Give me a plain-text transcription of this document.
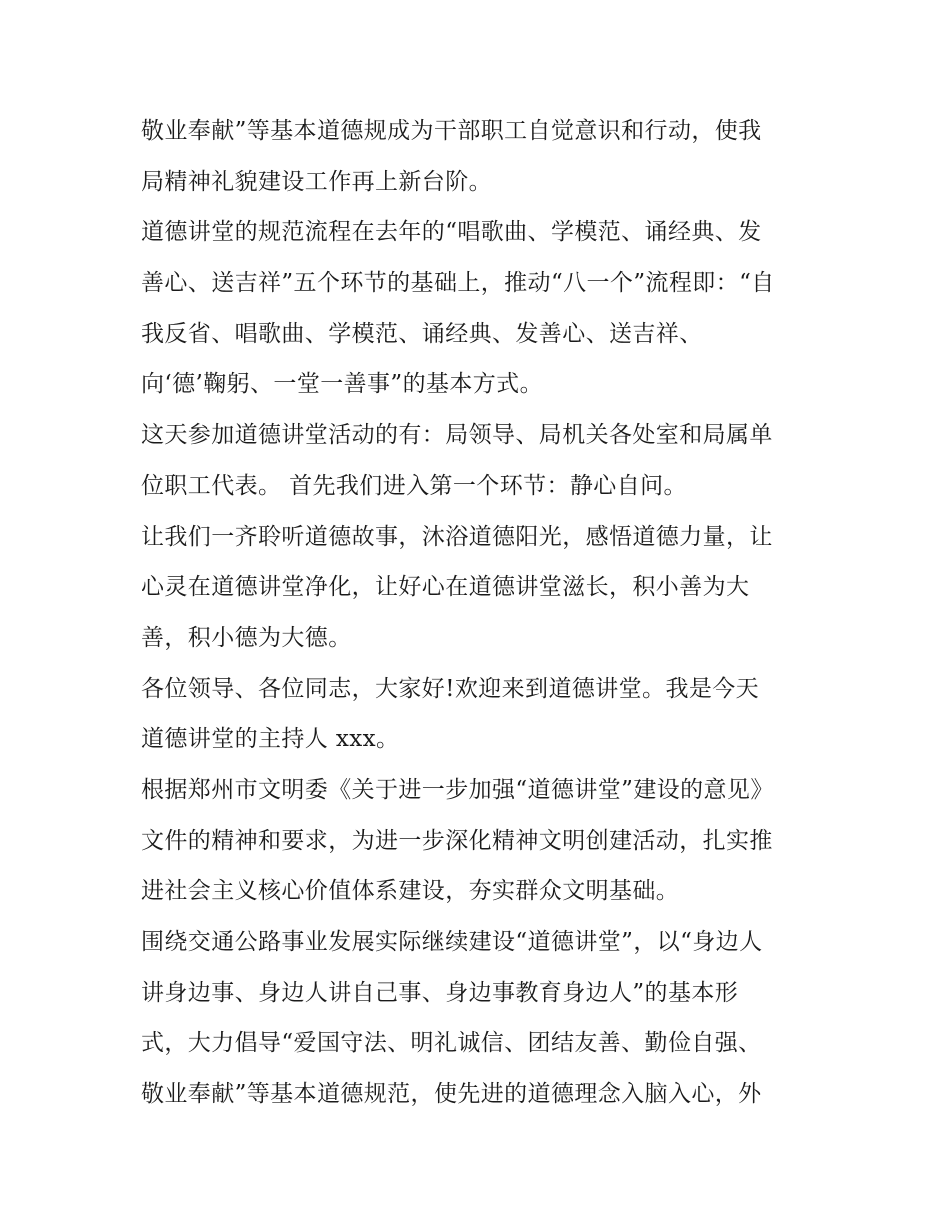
敬业奉献”等基本道德规成为干部职工自觉意识和行动，使我
局精神礼貌建设工作再上新台阶。
道德讲堂的规范流程在去年的“唱歌曲、学模范、诵经典、发
善心、送吉祥”五个环节的基础上，推动“八一个”流程即：“自
我反省、唱歌曲、学模范、诵经典、发善心、送吉祥、
向‘德’鞠躬、一堂一善事”的基本方式。
这天参加道德讲堂活动的有：局领导、局机关各处室和局属单
位职工代表。 首先我们进入第一个环节：静心自问。
让我们一齐聆听道德故事，沐浴道德阳光，感悟道德力量，让
心灵在道德讲堂净化，让好心在道德讲堂滋长，积小善为大
善，积小德为大德。
各位领导、各位同志，大家好!欢迎来到道德讲堂。我是今天
道德讲堂的主持人 xxx。
根据郑州市文明委《关于进一步加强“道德讲堂”建设的意见》
文件的精神和要求，为进一步深化精神文明创建活动，扎实推
进社会主义核心价值体系建设，夯实群众文明基础。
围绕交通公路事业发展实际继续建设“道德讲堂”，以“身边人
讲身边事、身边人讲自己事、身边事教育身边人”的基本形
式，大力倡导“爱国守法、明礼诚信、团结友善、勤俭自强、
敬业奉献”等基本道德规范，使先进的道德理念入脑入心，外
